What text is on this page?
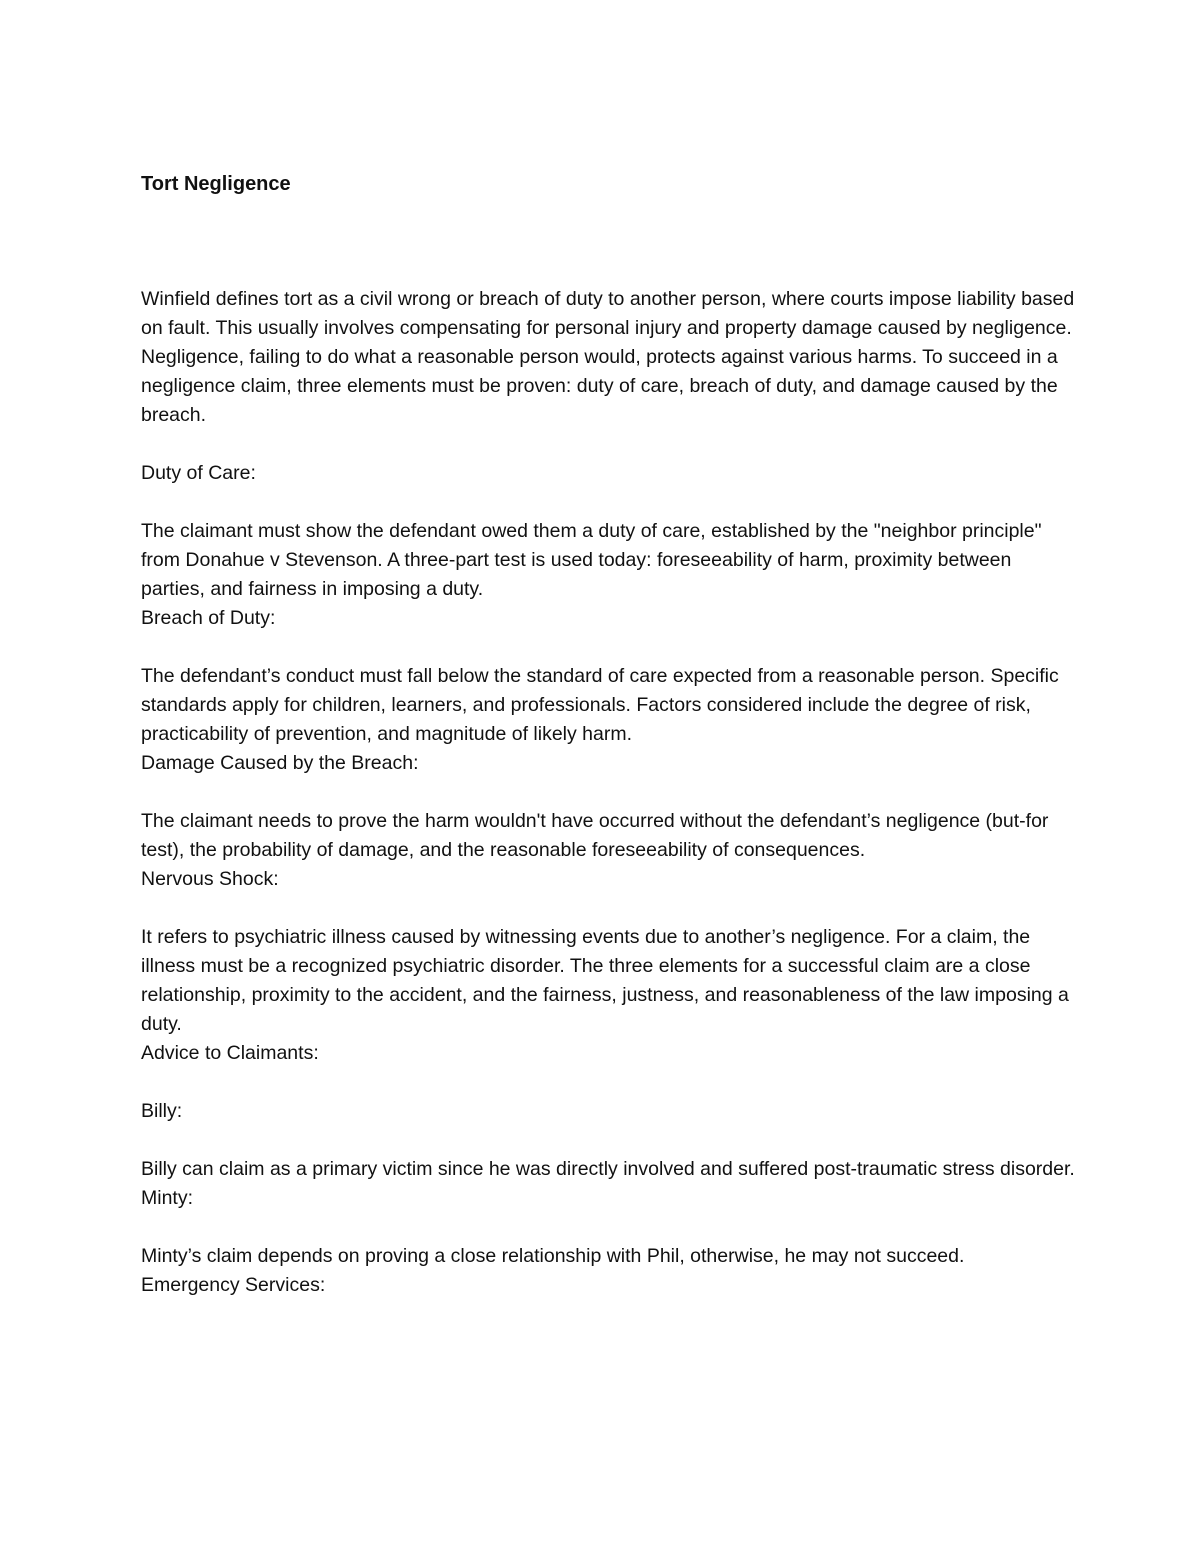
Tort Negligence

Winfield defines tort as a civil wrong or breach of duty to another person, where courts impose liability based on fault. This usually involves compensating for personal injury and property damage caused by negligence. Negligence, failing to do what a reasonable person would, protects against various harms. To succeed in a negligence claim, three elements must be proven: duty of care, breach of duty, and damage caused by the breach.

Duty of Care:

The claimant must show the defendant owed them a duty of care, established by the "neighbor principle" from Donahue v Stevenson. A three-part test is used today: foreseeability of harm, proximity between parties, and fairness in imposing a duty.

Breach of Duty:

The defendant’s conduct must fall below the standard of care expected from a reasonable person. Specific standards apply for children, learners, and professionals. Factors considered include the degree of risk, practicability of prevention, and magnitude of likely harm.

Damage Caused by the Breach:

The claimant needs to prove the harm wouldn't have occurred without the defendant’s negligence (but-for test), the probability of damage, and the reasonable foreseeability of consequences.

Nervous Shock:

It refers to psychiatric illness caused by witnessing events due to another’s negligence. For a claim, the illness must be a recognized psychiatric disorder. The three elements for a successful claim are a close relationship, proximity to the accident, and the fairness, justness, and reasonableness of the law imposing a duty.

Advice to Claimants:

Billy:

Billy can claim as a primary victim since he was directly involved and suffered post-traumatic stress disorder.

Minty:

Minty’s claim depends on proving a close relationship with Phil, otherwise, he may not succeed.

Emergency Services:
